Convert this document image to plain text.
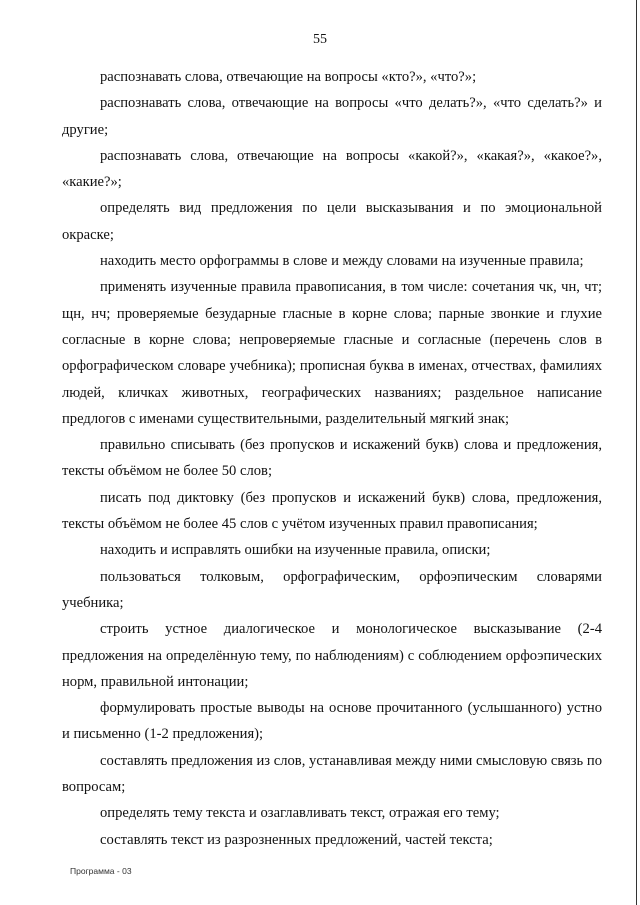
55

распознавать слова, отвечающие на вопросы «кто?», «что?»;

распознавать слова, отвечающие на вопросы «что делать?», «что сделать?» и другие;

распознавать слова, отвечающие на вопросы «какой?», «какая?», «какое?», «какие?»;

определять вид предложения по цели высказывания и по эмоциональной окраске;

находить место орфограммы в слове и между словами на изученные правила;

применять изученные правила правописания, в том числе: сочетания чк, чн, чт; щн, нч; проверяемые безударные гласные в корне слова; парные звонкие и глухие согласные в корне слова; непроверяемые гласные и согласные (перечень слов в орфографическом словаре учебника); прописная буква в именах, отчествах, фамилиях людей, кличках животных, географических названиях; раздельное написание предлогов с именами существительными, разделительный мягкий знак;

правильно списывать (без пропусков и искажений букв) слова и предложения, тексты объёмом не более 50 слов;

писать под диктовку (без пропусков и искажений букв) слова, предложения, тексты объёмом не более 45 слов с учётом изученных правил правописания;

находить и исправлять ошибки на изученные правила, описки;

пользоваться толковым, орфографическим, орфоэпическим словарями учебника;

строить устное диалогическое и монологическое высказывание (2-4 предложения на определённую тему, по наблюдениям) с соблюдением орфоэпических норм, правильной интонации;

формулировать простые выводы на основе прочитанного (услышанного) устно и письменно (1-2 предложения);

составлять предложения из слов, устанавливая между ними смысловую связь по вопросам;

определять тему текста и озаглавливать текст, отражая его тему;

составлять текст из разрозненных предложений, частей текста;

Программа - 03
